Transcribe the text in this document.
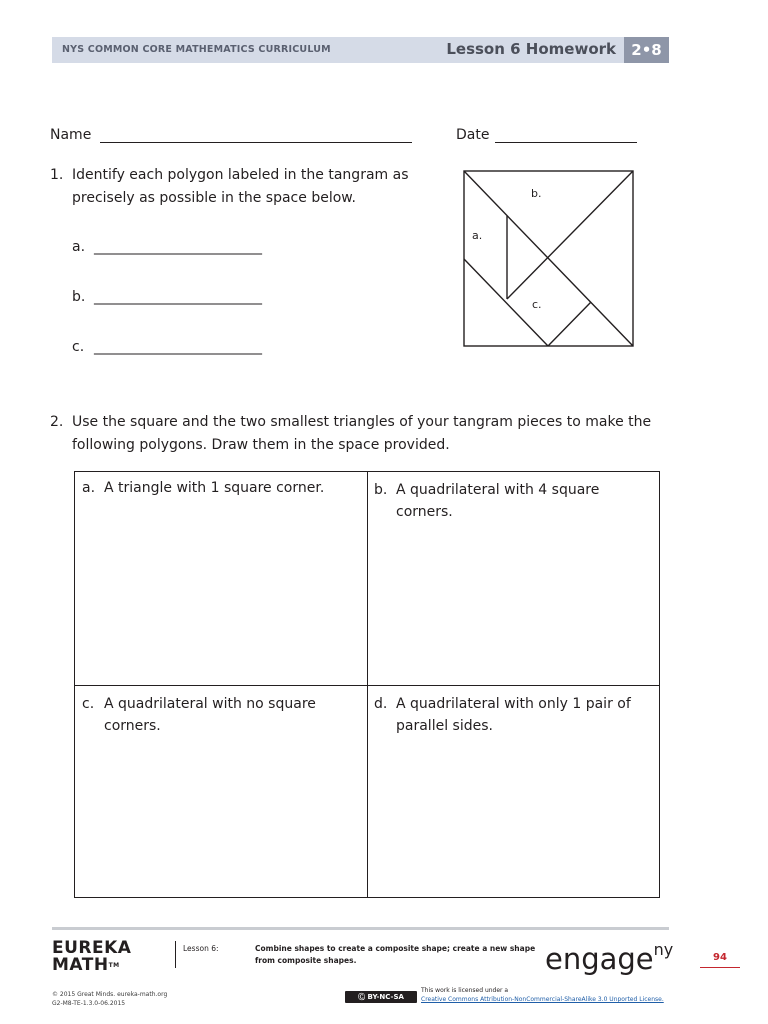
NYS COMMON CORE MATHEMATICS CURRICULUM	Lesson 6 Homework	2•8
Name	Date
1. Identify each polygon labeled in the tangram as
precisely as possible in the space below.
a. ________________________
b. ________________________
c. ________________________
b.
a.
c.
2. Use the square and the two smallest triangles of your tangram pieces to make the
following polygons. Draw them in the space provided.
a. A triangle with 1 square corner.	b. A quadrilateral with 4 square
corners.
c. A quadrilateral with no square
corners.
d. A quadrilateral with only 1 pair of
parallel sides.
EUREKA
MATH™
Lesson 6:	Combine shapes to create a composite shape; create a new shape
from composite shapes.	engage$^{ny}$	94
© 2015 Great Minds. eureka-math.org
G2-M8-TE-1.3.0-06.2015
Ⓒ BY-NC-SA
This work is licensed under a
Creative Commons Attribution-NonCommercial-ShareAlike 3.0 Unported License.
